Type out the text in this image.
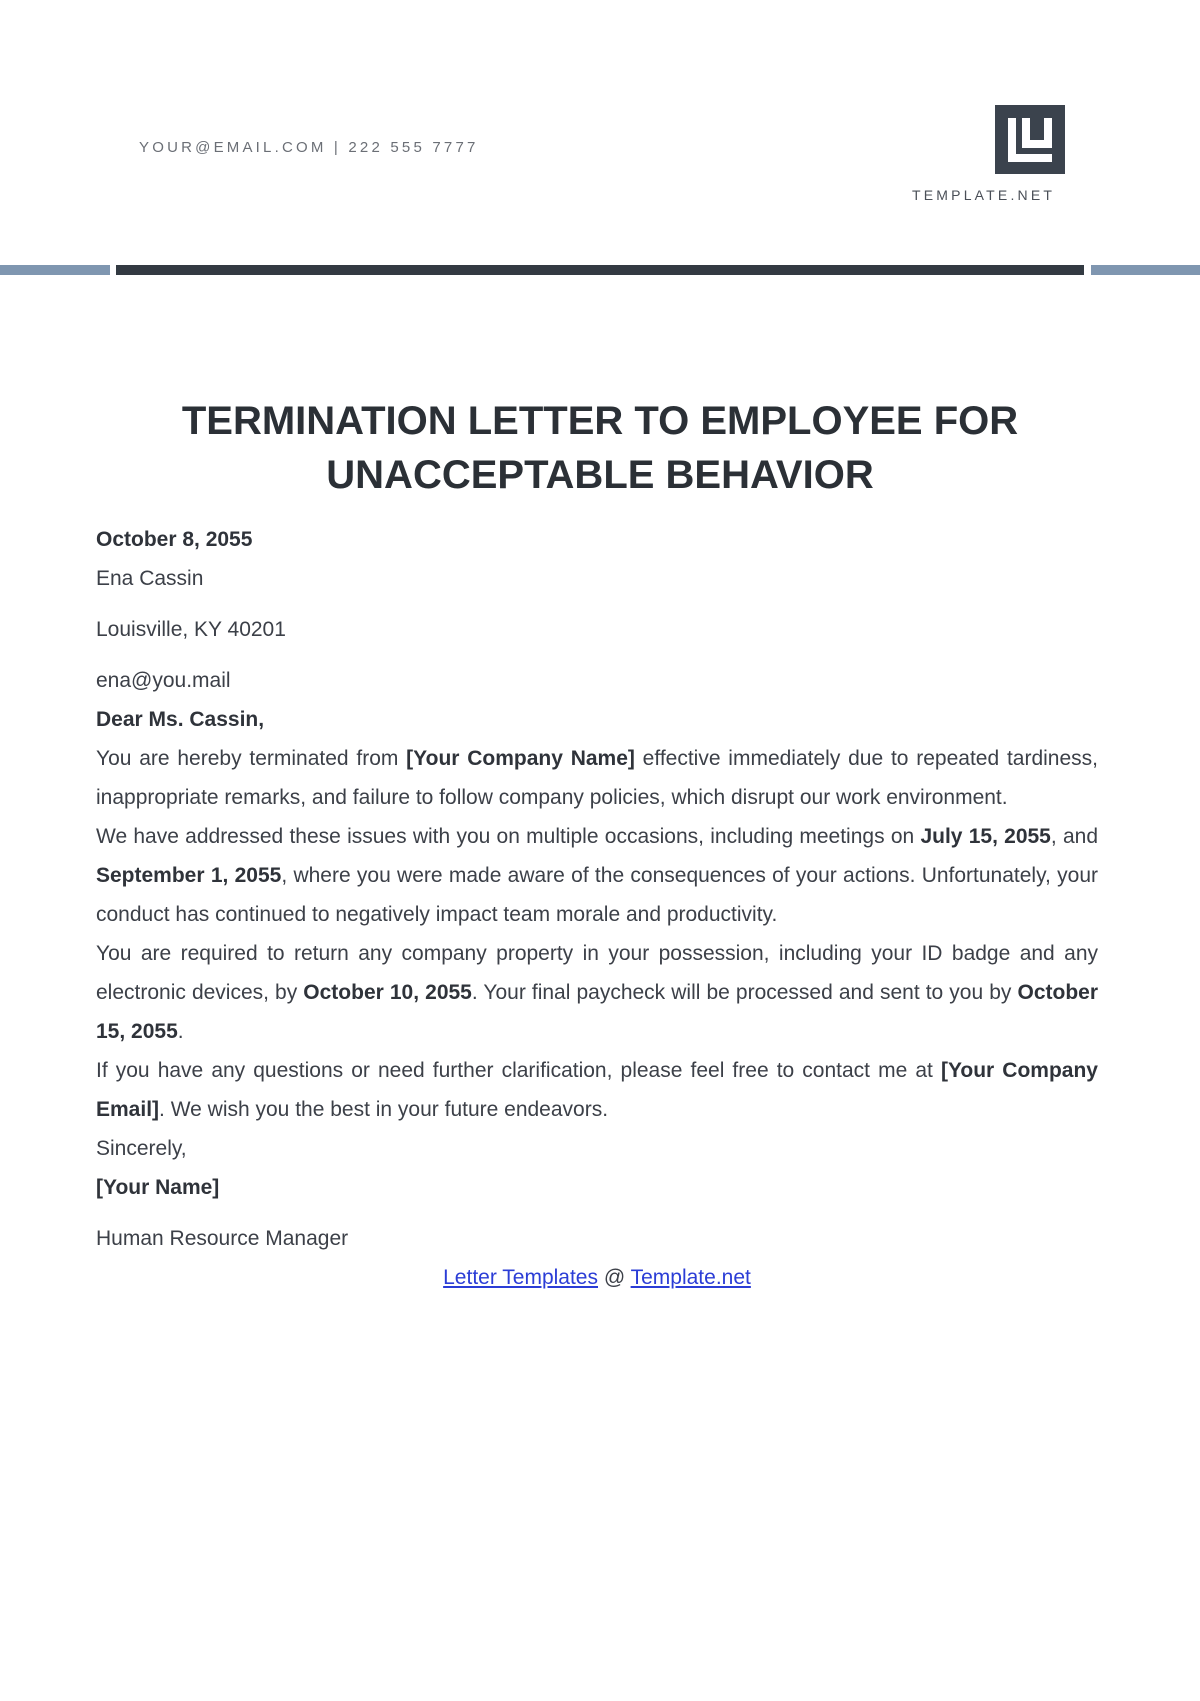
YOUR@EMAIL.COM | 222 555 7777
TEMPLATE.NET
TERMINATION LETTER TO EMPLOYEE FOR
UNACCEPTABLE BEHAVIOR

October 8, 2055

Ena Cassin

Louisville, KY 40201

ena@you.mail

Dear Ms. Cassin,

You are hereby terminated from [Your Company Name] effective immediately due to repeated tardiness, inappropriate remarks, and failure to follow company policies, which disrupt our work environment.

We have addressed these issues with you on multiple occasions, including meetings on July 15, 2055, and September 1, 2055, where you were made aware of the consequences of your actions. Unfortunately, your conduct has continued to negatively impact team morale and productivity.

You are required to return any company property in your possession, including your ID badge and any electronic devices, by October 10, 2055. Your final paycheck will be processed and sent to you by October 15, 2055.

If you have any questions or need further clarification, please feel free to contact me at [Your Company Email]. We wish you the best in your future endeavors.

Sincerely,

[Your Name]

Human Resource Manager

Letter Templates @ Template.net
